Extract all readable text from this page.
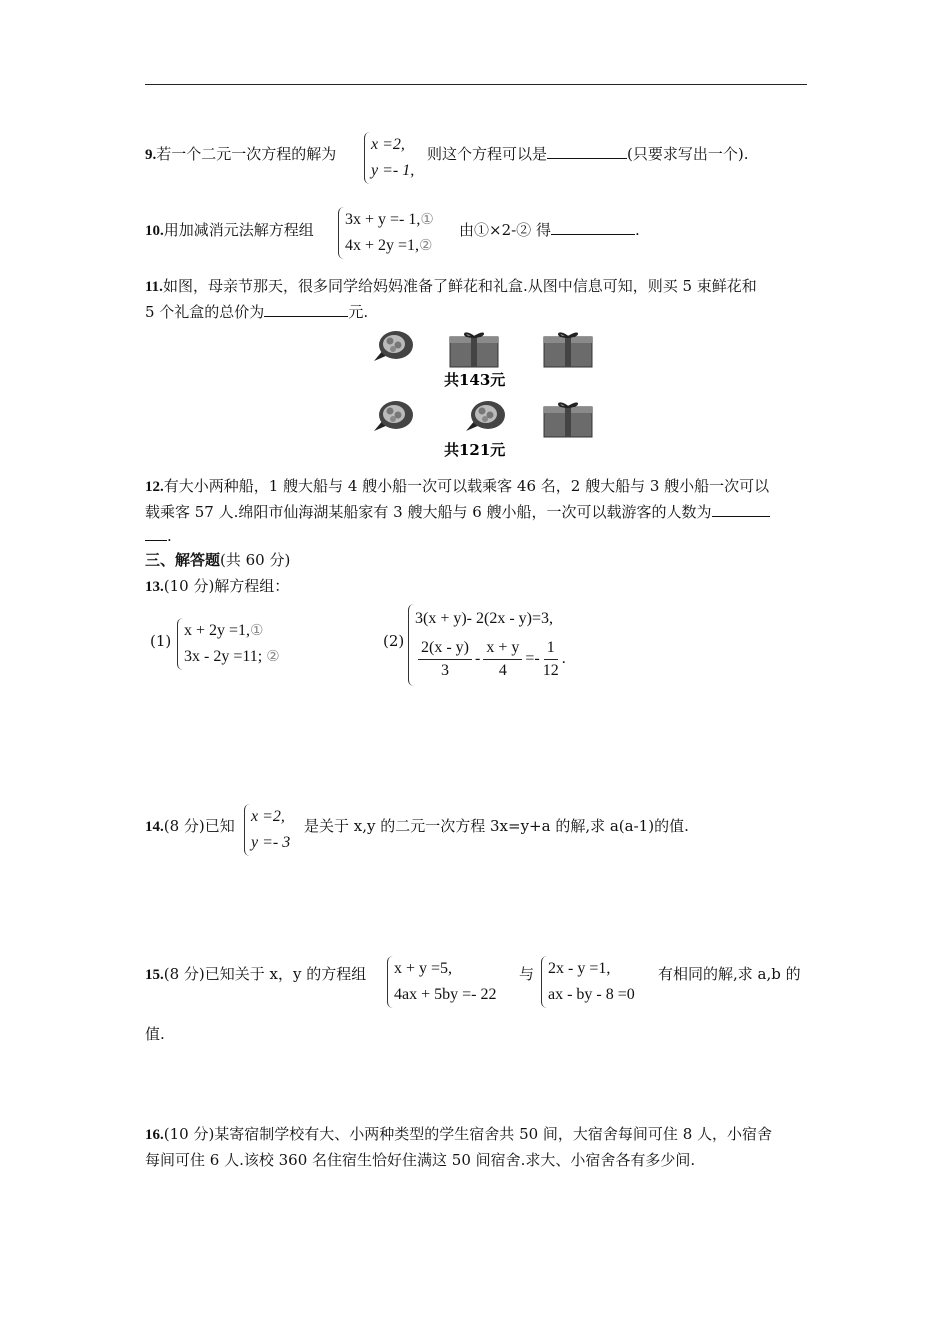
9.若一个二元一次方程的解为
x =2,
y =- 1,
则这个方程可以是	(只要求写出一个).
10.用加减消元法解方程组
3x + y =- 1,①
4x + 2y =1,②
由①×2-② 得	.
11.如图，母亲节那天，很多同学给妈妈准备了鲜花和礼盒.从图中信息可知，则买 5 束鲜花和
5 个礼盒的总价为	元.
共143元
共121元
12.有大小两种船，1 艘大船与 4 艘小船一次可以载乘客 46 名，2 艘大船与 3 艘小船一次可以
载乘客 57 人.绵阳市仙海湖某船家有 3 艘大船与 6 艘小船，一次可以载游客的人数为
.
三、解答题(共 60 分)
13.(10 分)解方程组：
(1)
x + 2y =1,①
3x - 2y =11; ②
(2)
3(x + y)- 2(2x - y)=3,
$\frac{2(x - y)}{3} - \frac{x + y}{4} =- \frac{1}{12}$ .
14.(8 分)已知
x =2,
y =- 3
是关于 x,y 的二元一次方程 3x=y+a 的解,求 a(a-1)的值.
15.(8 分)已知关于 x，y 的方程组 x + y =5,
4ax + 5by =- 22
与 2x - y =1,
ax - by - 8 =0
有相同的解,求 a,b 的
值.
16.(10 分)某寄宿制学校有大、小两种类型的学生宿舍共 50 间，大宿舍每间可住 8 人，小宿舍
每间可住 6 人.该校 360 名住宿生恰好住满这 50 间宿舍.求大、小宿舍各有多少间.
